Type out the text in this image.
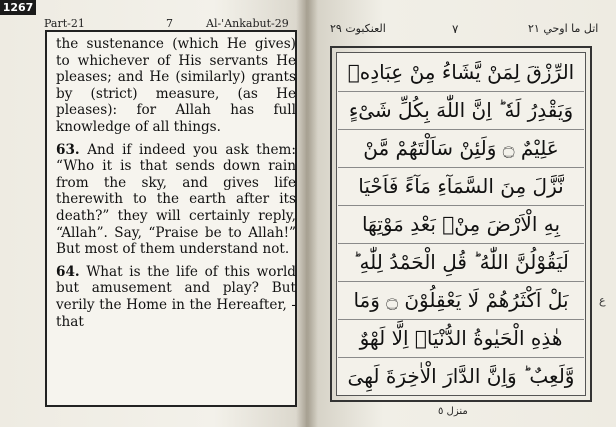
1267
Part-21	7	Al-'Ankabut-29

the sustenance (which He gives) to whichever of His servants He pleases; and He (similarly) grants by (strict) measure, (as He pleases): for Allah has full knowledge of all things.

63. And if indeed you ask them: “Who it is that sends down rain from the sky, and gives life therewith to the earth after its death?” they will certainly reply, “Allah”. Say, “Praise be to Allah!” But most of them understand not.

64. What is the life of this world but amusement and play? But verily the Home in the Hereafter, - that

العنكبوت ٢٩	٧	اتل ما اوحي ٢١
الرِّزْقَ لِمَنْ يَّشَاءُ مِنْ عِبَادِهٖ
وَيَقْدِرُ لَهٗ ؕ اِنَّ اللّٰهَ بِكُلِّ شَیْءٍ
عَلِيْمٌ ۝ وَلَئِنْ سَاَلْتَهُمْ مَّنْ
نَّزَّلَ مِنَ السَّمَآءِ مَآءً فَاَحْيَا
بِهِ الْاَرْضَ مِنْۢ بَعْدِ مَوْتِهَا
لَيَقُوْلُنَّ اللّٰهُ ؕ قُلِ الْحَمْدُ لِلّٰهِ ؕ
بَلْ اَكْثَرُهُمْ لَا يَعْقِلُوْنَ ۝ وَمَا
هٰذِهِ الْحَيٰوةُ الدُّنْيَاۤ اِلَّا لَهْوٌ
وَّلَعِبٌ ؕ وَاِنَّ الدَّارَ الْاٰخِرَةَ لَهِیَ
ع
منزل ٥
